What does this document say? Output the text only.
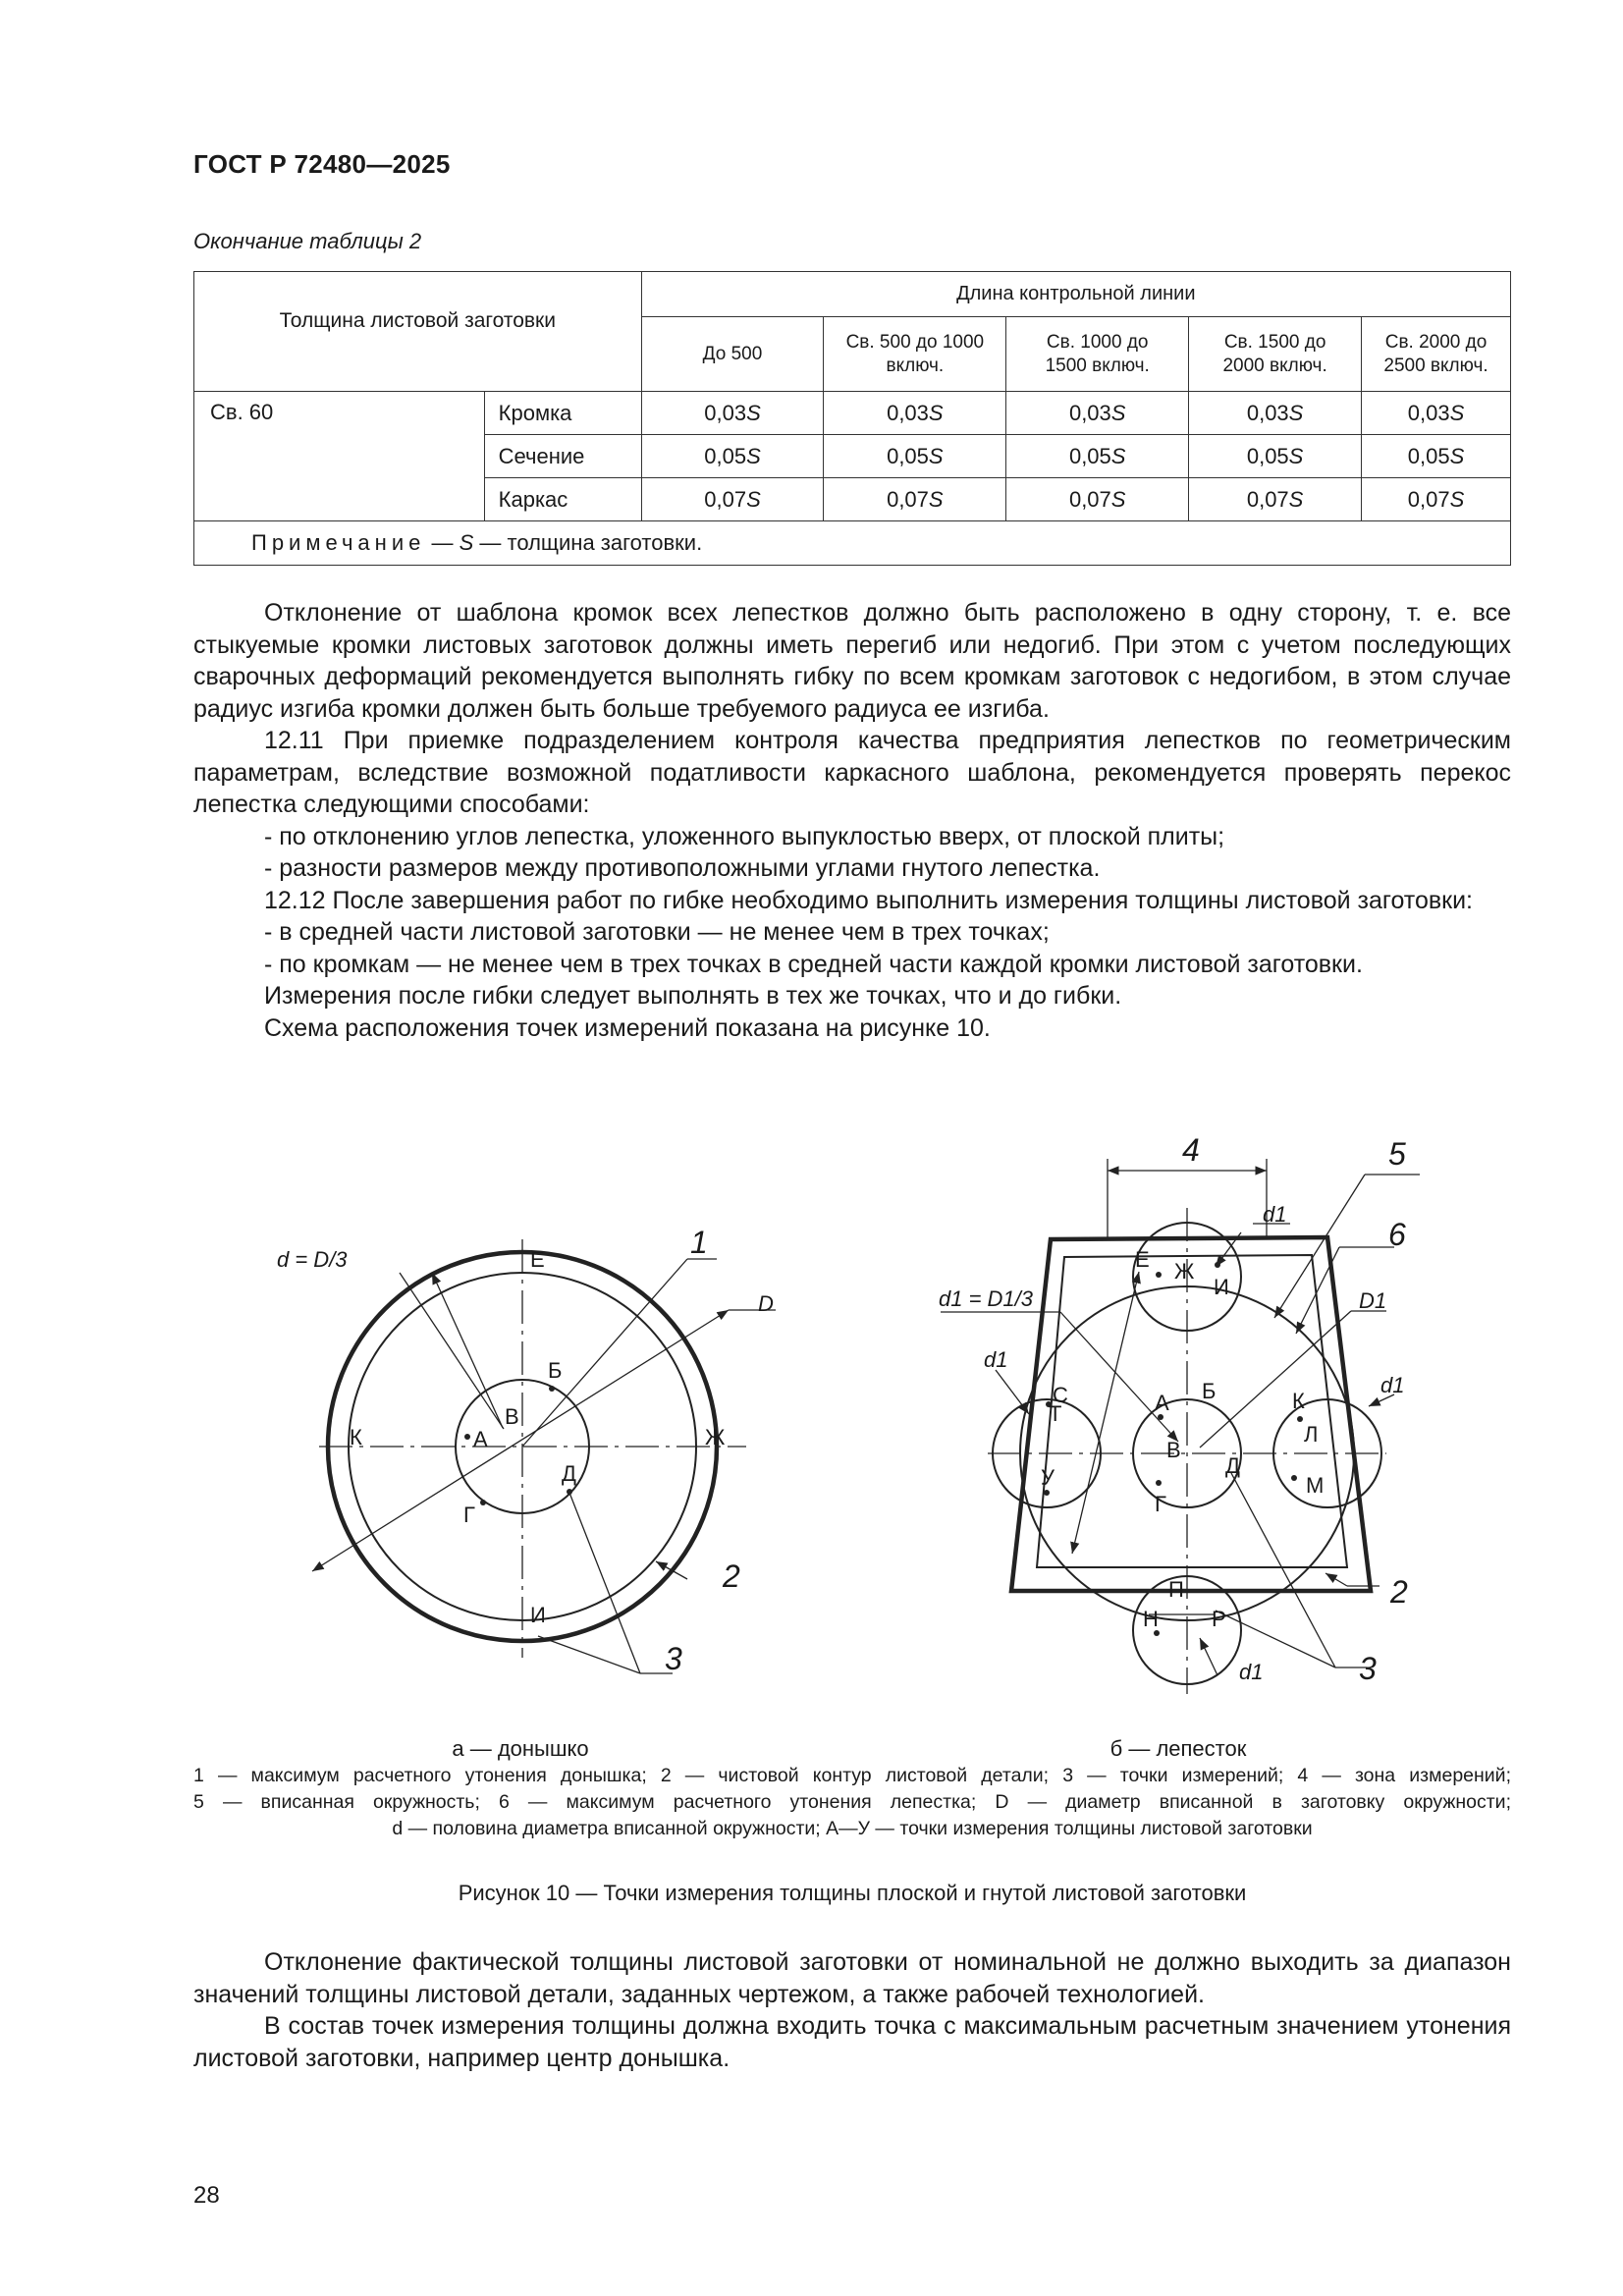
ГОСТ Р 72480—2025
Окончание таблицы 2
Толщина листовой заготовки		Длина контрольной линии				
		До 500	Св. 500 до 1000 включ.	Св. 1000 до 1500 включ.	Св. 1500 до 2000 включ.	Св. 2000 до 2500 включ.
Св. 60	Кромка	0,03S	0,03S	0,03S	0,03S	0,03S
	Сечение	0,05S	0,05S	0,05S	0,05S	0,05S
	Каркас	0,07S	0,07S	0,07S	0,07S	0,07S
Примечание — S — толщина заготовки.						

Отклонение от шаблона кромок всех лепестков должно быть расположено в одну сторону, т. е. все стыкуемые кромки листовых заготовок должны иметь перегиб или недогиб. При этом с учетом последующих сварочных деформаций рекомендуется выполнять гибку по всем кромкам заготовок с недогибом, в этом случае радиус изгиба кромки должен быть больше требуемого радиуса ее изгиба.

12.11 При приемке подразделением контроля качества предприятия лепестков по геометрическим параметрам, вследствие возможной податливости каркасного шаблона, рекомендуется проверять перекос лепестка следующими способами:

- по отклонению углов лепестка, уложенного выпуклостью вверх, от плоской плиты;

- разности размеров между противоположными углами гнутого лепестка.

12.12 После завершения работ по гибке необходимо выполнить измерения толщины листовой заготовки:

- в средней части листовой заготовки — не менее чем в трех точках;

- по кромкам — не менее чем в трех точках в средней части каждой кромки листовой заготовки.

Измерения после гибки следует выполнять в тех же точках, что и до гибки.

Схема расположения точек измерений показана на рисунке 10.

d = D/3
D
1
2
3
Е
Б
В
А
К	Ж
Д
Г
И
4	5
6
2
3
d1
d1 = D1/3	D1
d1
d1
d1
Е Ж
И
С
Т
У
А Б
В
Г
Д
К
Л
М
П
Н Р
а — донышко	б — лепесток

1 — максимум расчетного утонения донышка; 2 — чистовой контур листовой детали; 3 — точки измерений; 4 — зона измерений;

5 — вписанная окружность; 6 — максимум расчетного утонения лепестка; D — диаметр вписанной в заготовку окружности;

d — половина диаметра вписанной окружности; А—У — точки измерения толщины листовой заготовки

Рисунок 10 — Точки измерения толщины плоской и гнутой листовой заготовки

Отклонение фактической толщины листовой заготовки от номинальной не должно выходить за диапазон значений толщины листовой детали, заданных чертежом, а также рабочей технологией.

В состав точек измерения толщины должна входить точка с максимальным расчетным значением утонения листовой заготовки, например центр донышка.

28
